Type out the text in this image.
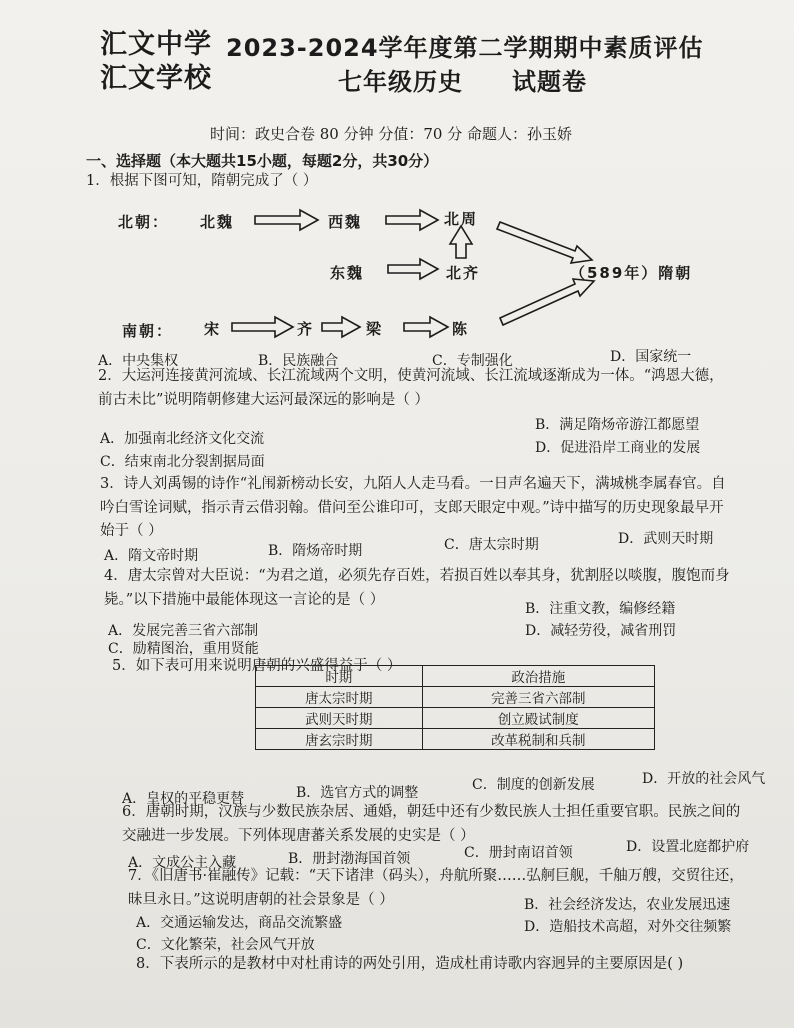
汇文中学
汇文学校
2023-2024学年度第二学期期中素质评估
七年级历史 试题卷
时间：政史合卷 80 分钟 分值：70 分 命题人：孙玉娇
一、选择题（本大题共15小题，每题2分，共30分）
1．根据下图可知，隋朝完成了（ ）
北朝： 北魏	西魏	北周
东魏	北齐	（589年）隋朝
南朝： 宋	齐	梁	陈
A．中央集权	B．民族融合	C．专制强化	D．国家统一
2．大运河连接黄河流域、长江流域两个文明，使黄河流域、长江流域逐渐成为一体。“鸿恩大德，
前古未比”说明隋朝修建大运河最深远的影响是（ ）
A．加强南北经济文化交流
B．满足隋炀帝游江都愿望
C．结束南北分裂割据局面
D．促进沿岸工商业的发展
3．诗人刘禹锡的诗作“礼闱新榜动长安，九陌人人走马看。一日声名遍天下，满城桃李属春官。自
吟白雪诠词赋，指示青云借羽翰。借问至公谁印可，支郎天眼定中观。”诗中描写的历史现象最早开
始于（ ）
A．隋文帝时期	B．隋炀帝时期	C．唐太宗时期	D．武则天时期
4．唐太宗曾对大臣说：“为君之道，必须先存百姓，若损百姓以奉其身，犹割胫以啖腹，腹饱而身
毙。”以下措施中最能体现这一言论的是（ ）
A．发展完善三省六部制
B．注重文教，编修经籍
C．励精图治，重用贤能
D．减轻劳役，减省刑罚
5．如下表可用来说明唐朝的兴盛得益于（ ）
时期	政治措施
唐太宗时期	完善三省六部制
武则天时期	创立殿试制度
唐玄宗时期	改革税制和兵制
A．皇权的平稳更替	B．选官方式的调整	C．制度的创新发展	D．开放的社会风气
6．唐朝时期，汉族与少数民族杂居、通婚，朝廷中还有少数民族人士担任重要官职。民族之间的
交融进一步发展。下列体现唐蕃关系发展的史实是（ ）
A．文成公主入藏	B．册封渤海国首领	C．册封南诏首领	D．设置北庭都护府
7．《旧唐书·崔融传》记载：“天下诸津（码头），舟航所聚……弘舸巨舰，千舳万艘，交贸往还，
昧旦永日。”这说明唐朝的社会景象是（ ）
A．交通运输发达，商品交流繁盛
B．社会经济发达，农业发展迅速
C．文化繁荣，社会风气开放
D．造船技术高超，对外交往频繁
8．下表所示的是教材中对杜甫诗的两处引用，造成杜甫诗歌内容迥异的主要原因是( )
